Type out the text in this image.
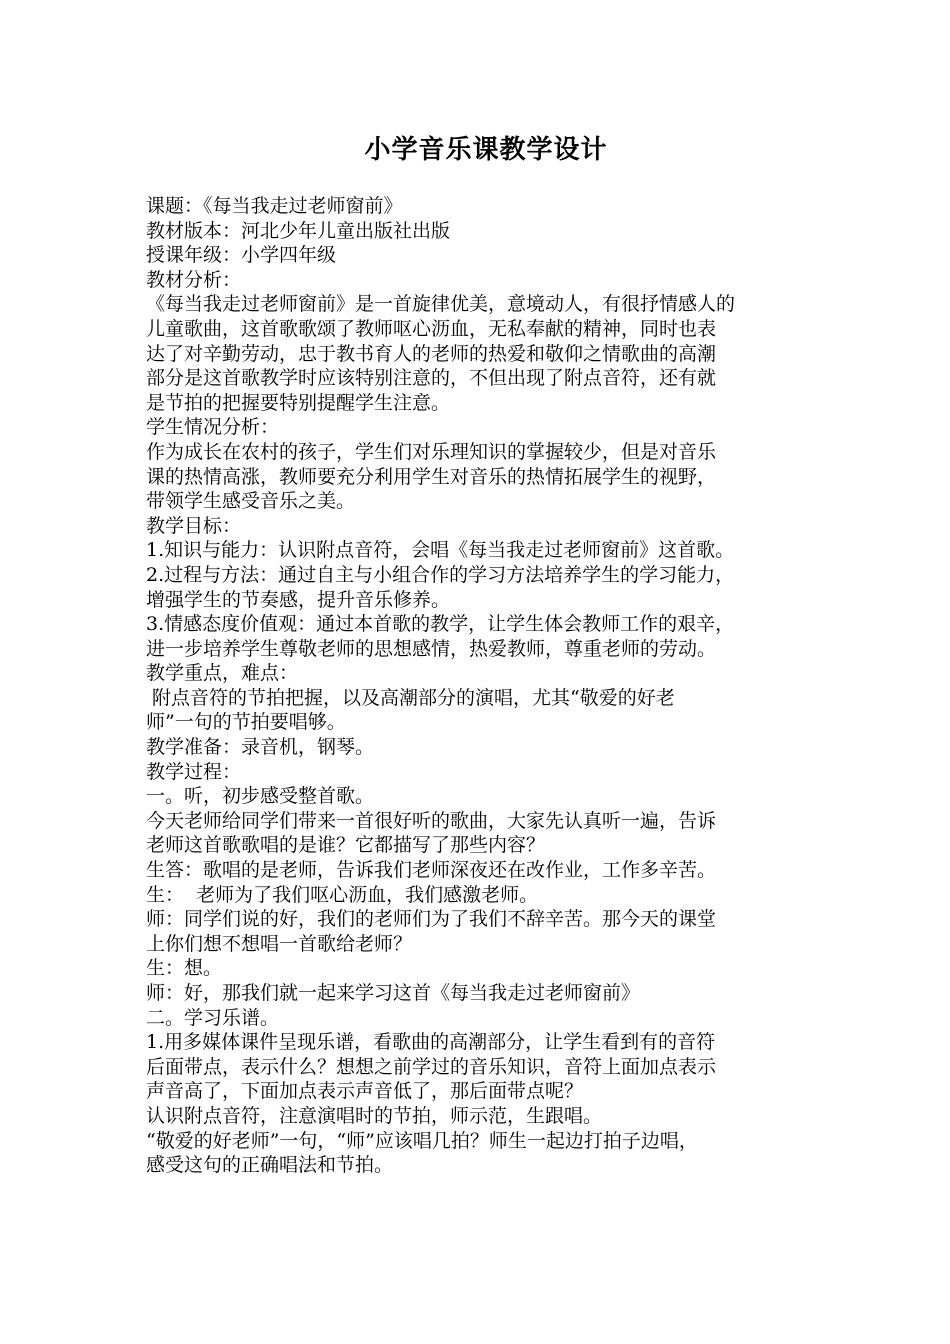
小学音乐课教学设计

课题：《每当我走过老师窗前》

教材版本：河北少年儿童出版社出版

授课年级：小学四年级

教材分析：

《每当我走过老师窗前》是一首旋律优美，意境动人，有很抒情感人的

儿童歌曲，这首歌歌颂了教师呕心沥血，无私奉献的精神，同时也表

达了对辛勤劳动，忠于教书育人的老师的热爱和敬仰之情歌曲的高潮

部分是这首歌教学时应该特别注意的，不但出现了附点音符，还有就

是节拍的把握要特别提醒学生注意。

学生情况分析：

作为成长在农村的孩子，学生们对乐理知识的掌握较少，但是对音乐

课的热情高涨，教师要充分利用学生对音乐的热情拓展学生的视野，

带领学生感受音乐之美。

教学目标：

1.知识与能力：认识附点音符，会唱《每当我走过老师窗前》这首歌。

2.过程与方法：通过自主与小组合作的学习方法培养学生的学习能力，

增强学生的节奏感，提升音乐修养。

3.情感态度价值观：通过本首歌的教学，让学生体会教师工作的艰辛，

进一步培养学生尊敬老师的思想感情，热爱教师，尊重老师的劳动。

教学重点，难点：

附点音符的节拍把握，以及高潮部分的演唱，尤其“敬爱的好老

师”一句的节拍要唱够。

教学准备：录音机，钢琴。

教学过程：

一。听，初步感受整首歌。

今天老师给同学们带来一首很好听的歌曲，大家先认真听一遍，告诉

老师这首歌歌唱的是谁？它都描写了那些内容？

生答：歌唱的是老师，告诉我们老师深夜还在改作业，工作多辛苦。

生：  老师为了我们呕心沥血，我们感激老师。

师：同学们说的好，我们的老师们为了我们不辞辛苦。那今天的课堂

上你们想不想唱一首歌给老师？

生：想。

师：好，那我们就一起来学习这首《每当我走过老师窗前》

二。学习乐谱。

1.用多媒体课件呈现乐谱，看歌曲的高潮部分，让学生看到有的音符

后面带点，表示什么？想想之前学过的音乐知识，音符上面加点表示

声音高了，下面加点表示声音低了，那后面带点呢？

认识附点音符，注意演唱时的节拍，师示范，生跟唱。

“敬爱的好老师”一句，“师”应该唱几拍？师生一起边打拍子边唱，

感受这句的正确唱法和节拍。
